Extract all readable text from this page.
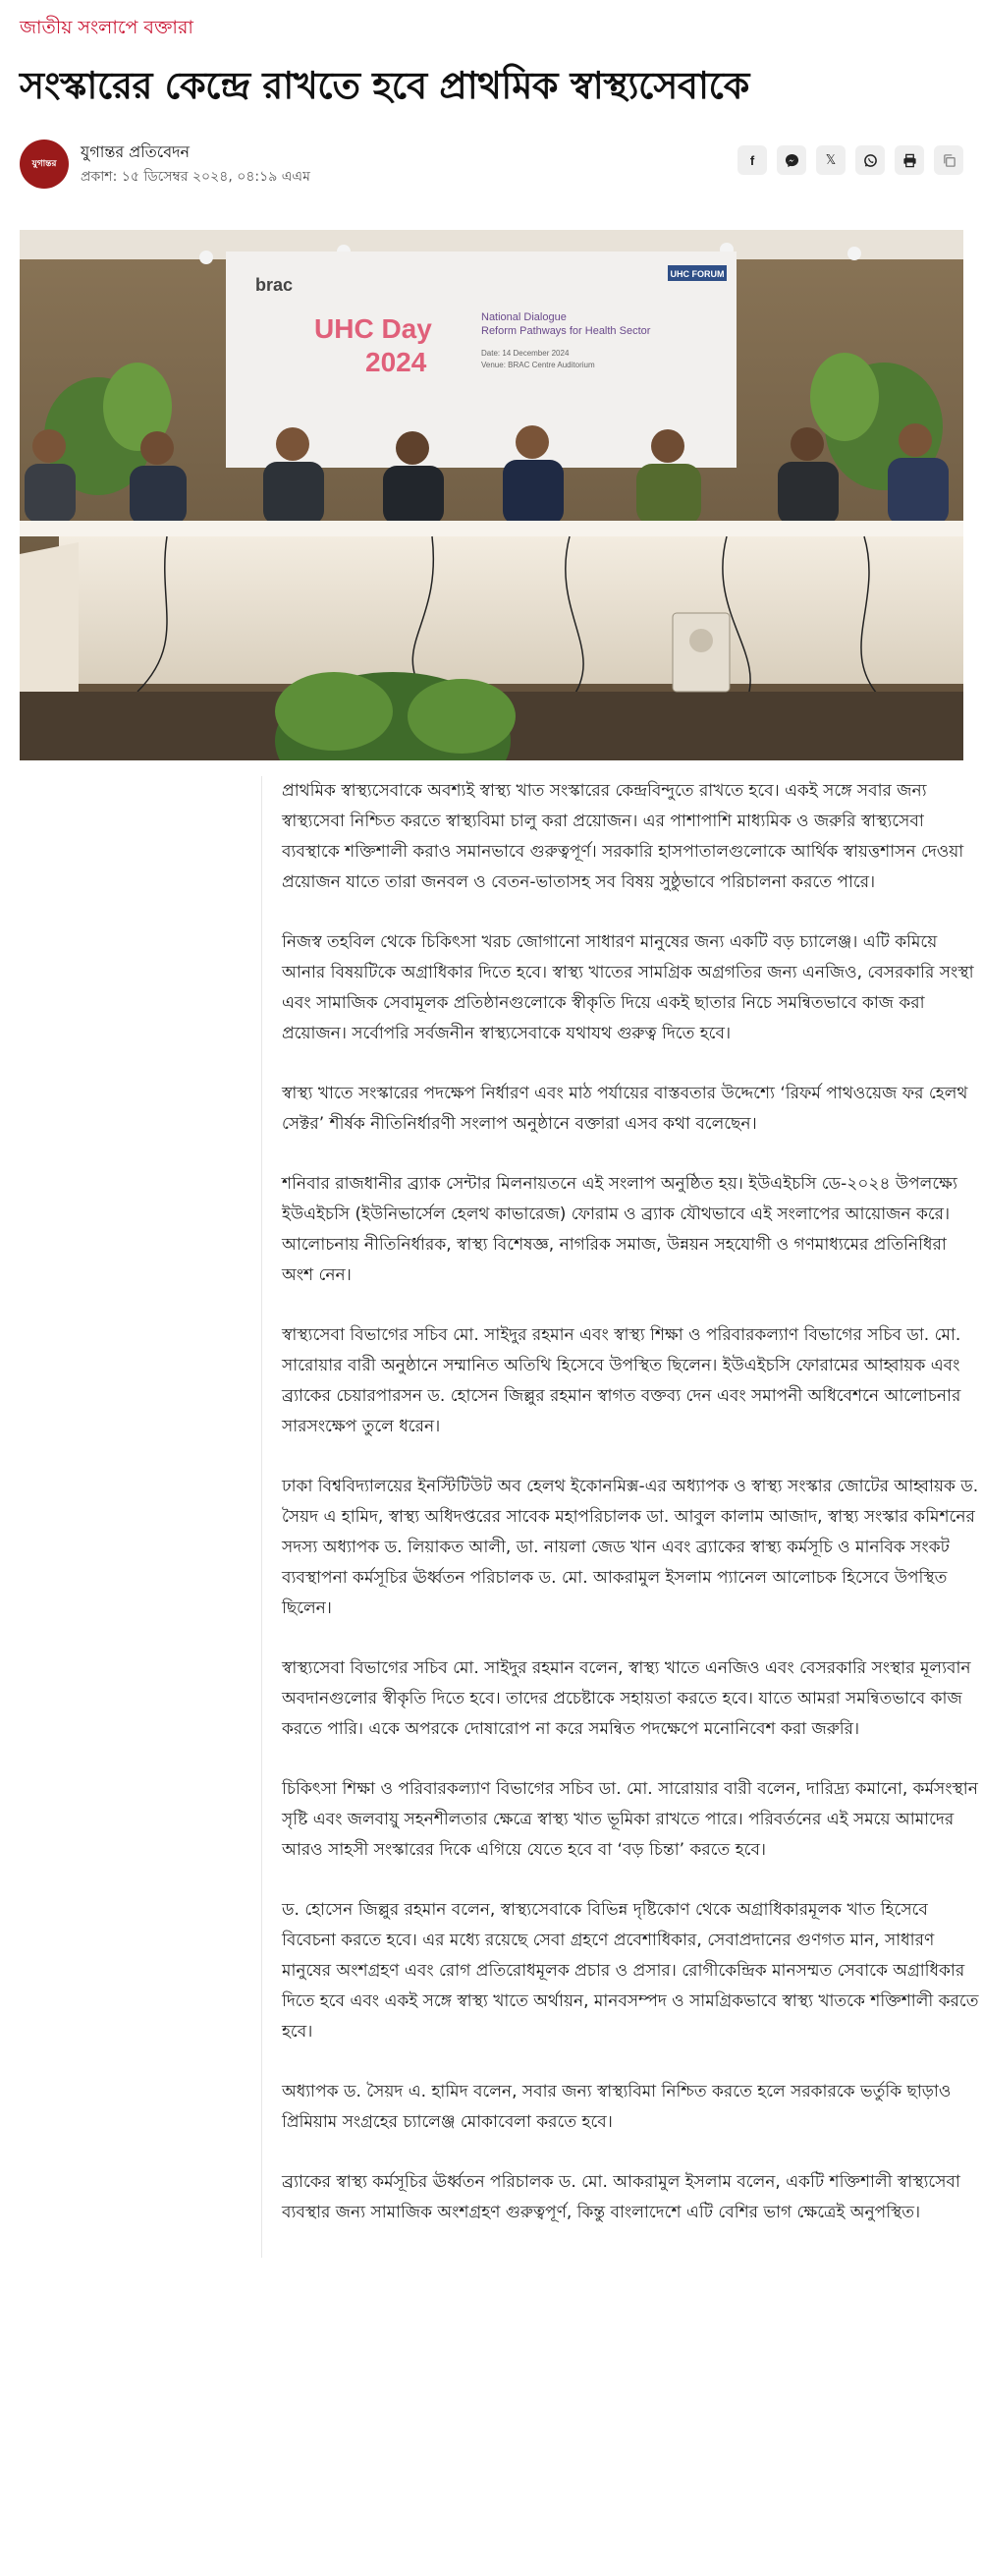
জাতীয় সংলাপে বক্তারা
সংস্কারের কেন্দ্রে রাখতে হবে প্রাথমিক স্বাস্থ্যসেবাকে
যুগান্তর
যুগান্তর প্রতিবেদন
প্রকাশ: ১৫ ডিসেম্বর ২০২৪, ০৪:১৯ এএম
f	𝕏
UHC FORUM
brac
UHC Day
2024
National Dialogue
Reform Pathways for Health Sector
Date: 14 December 2024
Venue: BRAC Centre Auditorium

প্রাথমিক স্বাস্থ্যসেবাকে অবশ্যই স্বাস্থ্য খাত সংস্কারের কেন্দ্রবিন্দুতে রাখতে হবে। একই সঙ্গে সবার জন্য স্বাস্থ্যসেবা নিশ্চিত করতে স্বাস্থ্যবিমা চালু করা প্রয়োজন। এর পাশাপাশি মাধ্যমিক ও জরুরি স্বাস্থ্যসেবা ব্যবস্থাকে শক্তিশালী করাও সমানভাবে গুরুত্বপূর্ণ। সরকারি হাসপাতালগুলোকে আর্থিক স্বায়ত্তশাসন দেওয়া প্রয়োজন যাতে তারা জনবল ও বেতন-ভাতাসহ সব বিষয় সুষ্ঠুভাবে পরিচালনা করতে পারে।

নিজস্ব তহবিল থেকে চিকিৎসা খরচ জোগানো সাধারণ মানুষের জন্য একটি বড় চ্যালেঞ্জ। এটি কমিয়ে আনার বিষয়টিকে অগ্রাধিকার দিতে হবে। স্বাস্থ্য খাতের সামগ্রিক অগ্রগতির জন্য এনজিও, বেসরকারি সংস্থা এবং সামাজিক সেবামূলক প্রতিষ্ঠানগুলোকে স্বীকৃতি দিয়ে একই ছাতার নিচে সমন্বিতভাবে কাজ করা প্রয়োজন। সর্বোপরি সর্বজনীন স্বাস্থ্যসেবাকে যথাযথ গুরুত্ব দিতে হবে।

স্বাস্থ্য খাতে সংস্কারের পদক্ষেপ নির্ধারণ এবং মাঠ পর্যায়ের বাস্তবতার উদ্দেশ্যে ‘রিফর্ম পাথওয়েজ ফর হেলথ সেক্টর’ শীর্ষক নীতিনির্ধারণী সংলাপ অনুষ্ঠানে বক্তারা এসব কথা বলেছেন।

শনিবার রাজধানীর ব্র্যাক সেন্টার মিলনায়তনে এই সংলাপ অনুষ্ঠিত হয়। ইউএইচসি ডে-২০২৪ উপলক্ষ্যে ইউএইচসি (ইউনিভার্সেল হেলথ কাভারেজ) ফোরাম ও ব্র্যাক যৌথভাবে এই সংলাপের আয়োজন করে। আলোচনায় নীতিনির্ধারক, স্বাস্থ্য বিশেষজ্ঞ, নাগরিক সমাজ, উন্নয়ন সহযোগী ও গণমাধ্যমের প্রতিনিধিরা অংশ নেন।

স্বাস্থ্যসেবা বিভাগের সচিব মো. সাইদুর রহমান এবং স্বাস্থ্য শিক্ষা ও পরিবারকল্যাণ বিভাগের সচিব ডা. মো. সারোয়ার বারী অনুষ্ঠানে সম্মানিত অতিথি হিসেবে উপস্থিত ছিলেন। ইউএইচসি ফোরামের আহ্বায়ক এবং ব্র্যাকের চেয়ারপারসন ড. হোসেন জিল্লুর রহমান স্বাগত বক্তব্য দেন এবং সমাপনী অধিবেশনে আলোচনার সারসংক্ষেপ তুলে ধরেন।

ঢাকা বিশ্ববিদ্যালয়ের ইনস্টিটিউট অব হেলথ ইকোনমিক্স-এর অধ্যাপক ও স্বাস্থ্য সংস্কার জোটের আহ্বায়ক ড. সৈয়দ এ হামিদ, স্বাস্থ্য অধিদপ্তরের সাবেক মহাপরিচালক ডা. আবুল কালাম আজাদ, স্বাস্থ্য সংস্কার কমিশনের সদস্য অধ্যাপক ড. লিয়াকত আলী, ডা. নায়লা জেড খান এবং ব্র্যাকের স্বাস্থ্য কর্মসূচি ও মানবিক সংকট ব্যবস্থাপনা কর্মসূচির ঊর্ধ্বতন পরিচালক ড. মো. আকরামুল ইসলাম প্যানেল আলোচক হিসেবে উপস্থিত ছিলেন।

স্বাস্থ্যসেবা বিভাগের সচিব মো. সাইদুর রহমান বলেন, স্বাস্থ্য খাতে এনজিও এবং বেসরকারি সংস্থার মূল্যবান অবদানগুলোর স্বীকৃতি দিতে হবে। তাদের প্রচেষ্টাকে সহায়তা করতে হবে। যাতে আমরা সমন্বিতভাবে কাজ করতে পারি। একে অপরকে দোষারোপ না করে সমন্বিত পদক্ষেপে মনোনিবেশ করা জরুরি।

চিকিৎসা শিক্ষা ও পরিবারকল্যাণ বিভাগের সচিব ডা. মো. সারোয়ার বারী বলেন, দারিদ্র্য কমানো, কর্মসংস্থান সৃষ্টি এবং জলবায়ু সহনশীলতার ক্ষেত্রে স্বাস্থ্য খাত ভূমিকা রাখতে পারে। পরিবর্তনের এই সময়ে আমাদের আরও সাহসী সংস্কারের দিকে এগিয়ে যেতে হবে বা ‘বড় চিন্তা’ করতে হবে।

ড. হোসেন জিল্লুর রহমান বলেন, স্বাস্থ্যসেবাকে বিভিন্ন দৃষ্টিকোণ থেকে অগ্রাধিকারমূলক খাত হিসেবে বিবেচনা করতে হবে। এর মধ্যে রয়েছে সেবা গ্রহণে প্রবেশাধিকার, সেবাপ্রদানের গুণগত মান, সাধারণ মানুষের অংশগ্রহণ এবং রোগ প্রতিরোধমূলক প্রচার ও প্রসার। রোগীকেন্দ্রিক মানসম্মত সেবাকে অগ্রাধিকার দিতে হবে এবং একই সঙ্গে স্বাস্থ্য খাতে অর্থায়ন, মানবসম্পদ ও সামগ্রিকভাবে স্বাস্থ্য খাতকে শক্তিশালী করতে হবে।

অধ্যাপক ড. সৈয়দ এ. হামিদ বলেন, সবার জন্য স্বাস্থ্যবিমা নিশ্চিত করতে হলে সরকারকে ভর্তুকি ছাড়াও প্রিমিয়াম সংগ্রহের চ্যালেঞ্জ মোকাবেলা করতে হবে।

ব্র্যাকের স্বাস্থ্য কর্মসূচির ঊর্ধ্বতন পরিচালক ড. মো. আকরামুল ইসলাম বলেন, একটি শক্তিশালী স্বাস্থ্যসেবা ব্যবস্থার জন্য সামাজিক অংশগ্রহণ গুরুত্বপূর্ণ, কিন্তু বাংলাদেশে এটি বেশির ভাগ ক্ষেত্রেই অনুপস্থিত।
